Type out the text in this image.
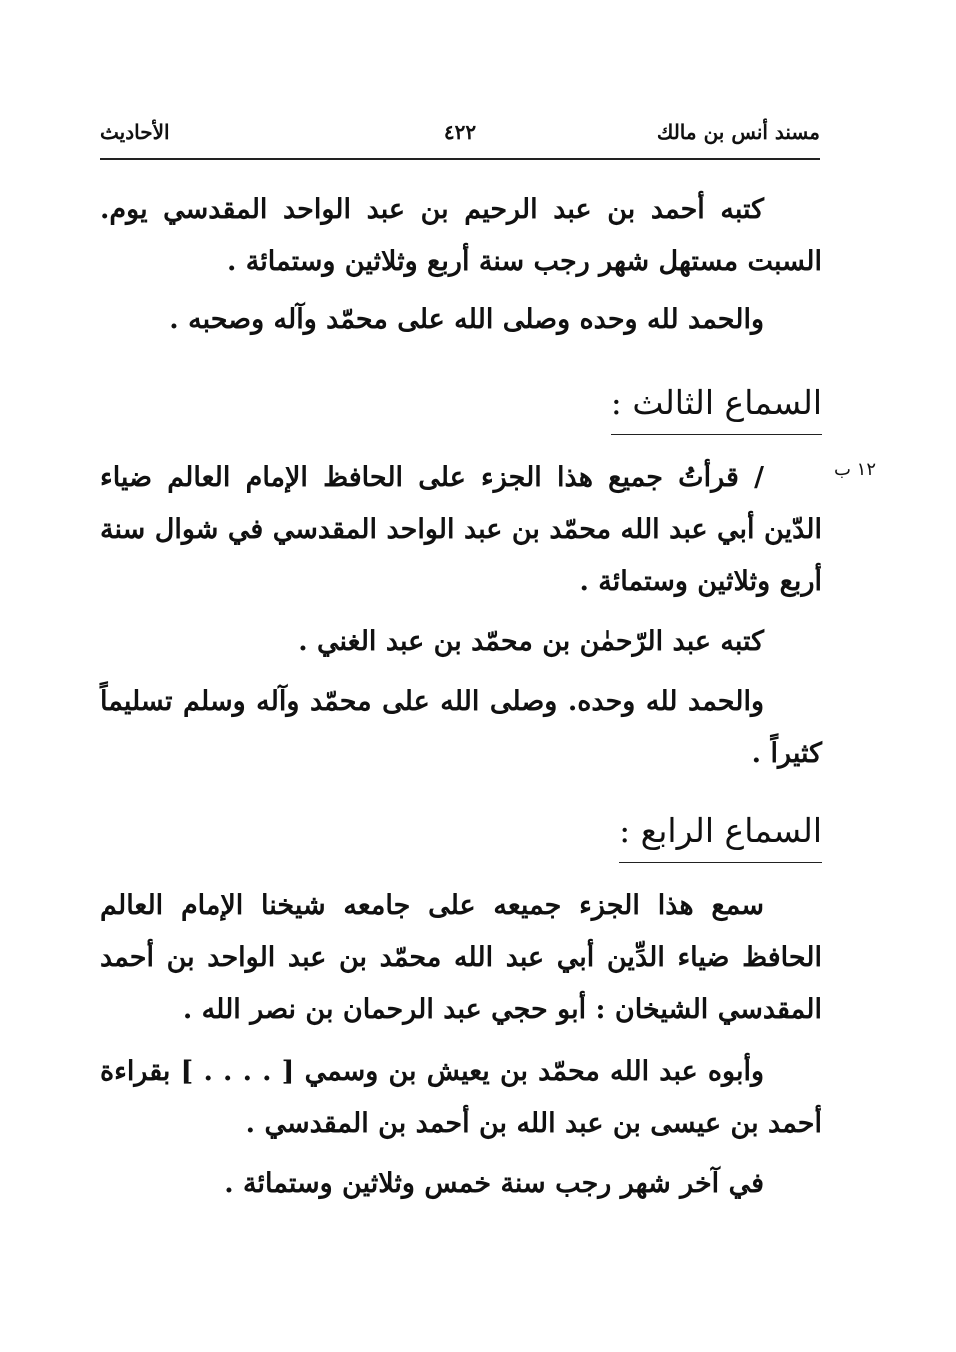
مسند أنس بن مالك
٤٢٢
الأحاديث

كتبه أحمد بن عبد الرحيم بن عبد الواحد المقدسي يوم. السبت مستهل شهر رجب سنة أربع وثلاثين وستمائة .

والحمد لله وحده وصلى الله على محمّد وآله وصحبه .

السماع الثالث :
١٢ ب

/ قرأتُ جميع هذا الجزء على الحافظ الإمام العالم ضياء الدّين أبي عبد الله محمّد بن عبد الواحد المقدسي في شوال سنة أربع وثلاثين وستمائة .

كتبه عبد الرّحمٰن بن محمّد بن عبد الغني .

والحمد لله وحده. وصلى الله على محمّد وآله وسلم تسليماً كثيراً .

السماع الرابع :

سمع هذا الجزء جميعه على جامعه شيخنا الإمام العالم الحافظ ضياء الدِّين أبي عبد الله محمّد بن عبد الواحد بن أحمد المقدسي الشيخان : أبو حجي عبد الرحمان بن نصر الله .

وأبوه عبد الله محمّد بن يعيش بن وسمي [ . . . . ] بقراءة أحمد بن عيسى بن عبد الله بن أحمد بن المقدسي .

في آخر شهر رجب سنة خمس وثلاثين وستمائة .
